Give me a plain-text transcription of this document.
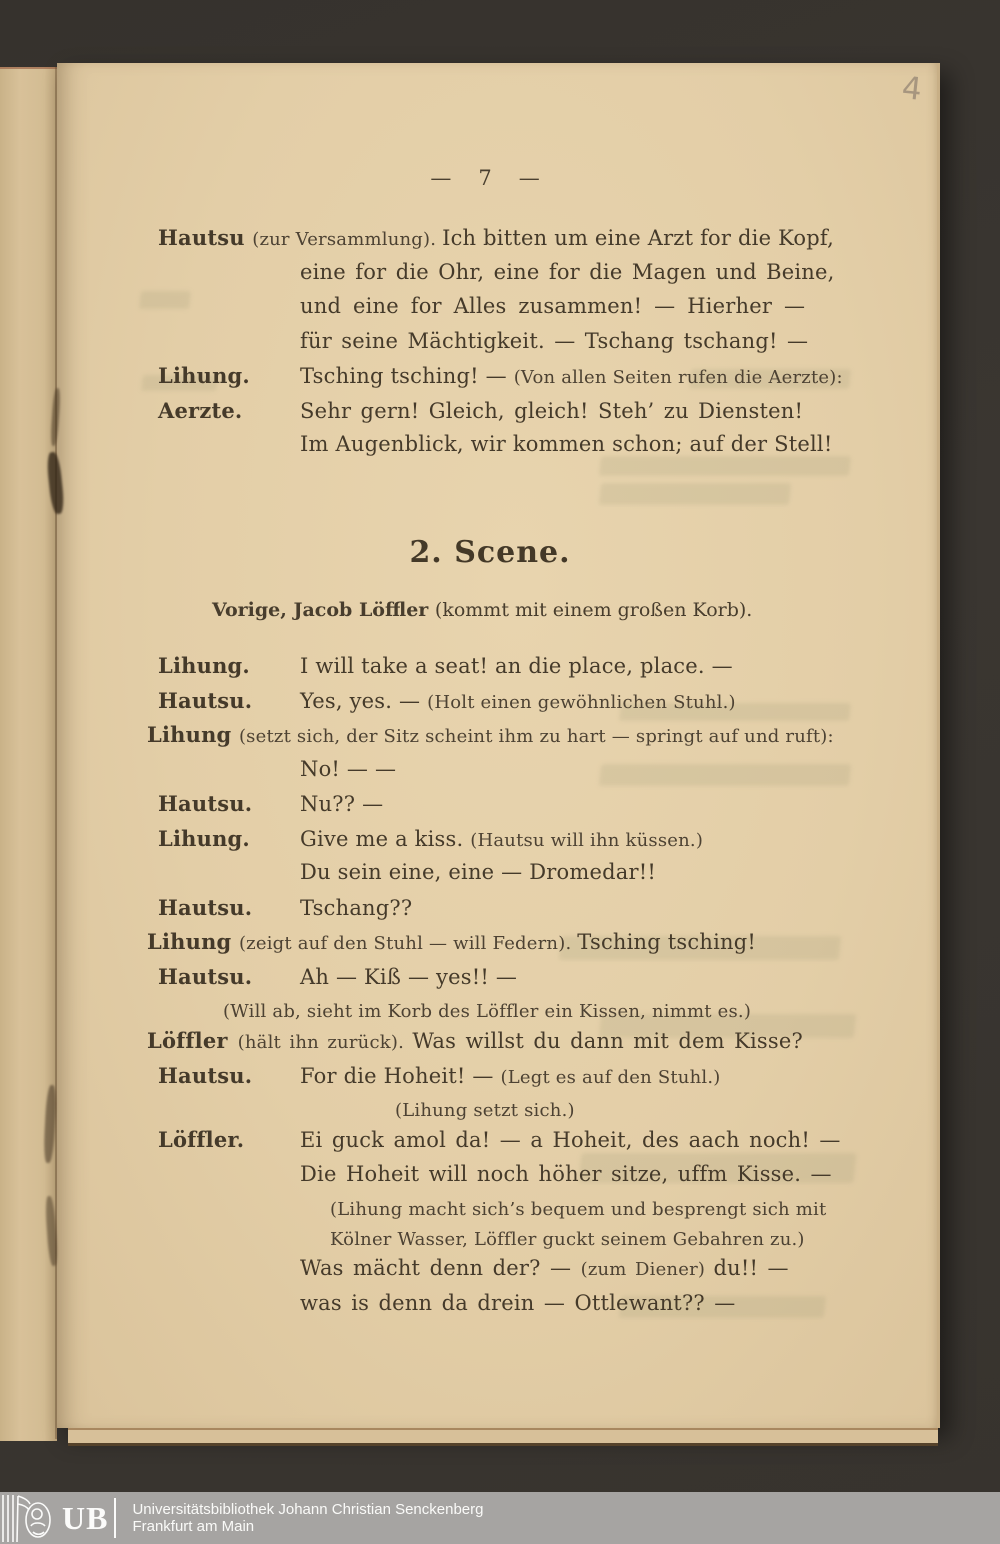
4
— 7 —
Hautsu (zur Versammlung). Ich bitten um eine Arzt for die Kopf,
eine for die Ohr, eine for die Magen und Beine,
und eine for Alles zusammen! — Hierher —
für seine Mächtigkeit. — Tschang tschang! —
Lihung. Tsching tsching! — (Von allen Seiten rufen die Aerzte):
Aerzte.	Sehr gern! Gleich, gleich! Steh’ zu Diensten!
Im Augenblick, wir kommen schon; auf der Stell!
2. Scene.
Vorige, Jacob Löffler (kommt mit einem großen Korb).
Lihung. I will take a seat! an die place, place. —
Hautsu. Yes, yes. — (Holt einen gewöhnlichen Stuhl.)
Lihung (setzt sich, der Sitz scheint ihm zu hart — springt auf und ruft):
No! — —
Hautsu. Nu?? —
Lihung. Give me a kiss. (Hautsu will ihn küssen.)
Du sein eine, eine — Dromedar!!
Hautsu. Tschang??
Lihung (zeigt auf den Stuhl — will Federn). Tsching tsching!
Hautsu. Ah — Kiß — yes!! —
(Will ab, sieht im Korb des Löffler ein Kissen, nimmt es.)
Löffler (hält ihn zurück). Was willst du dann mit dem Kisse?
Hautsu. For die Hoheit! — (Legt es auf den Stuhl.)
(Lihung setzt sich.)
Löffler.	Ei guck amol da! — a Hoheit, des aach noch! —
Die Hoheit will noch höher sitze, uffm Kisse. —
(Lihung macht sich’s bequem und besprengt sich mit
Kölner Wasser, Löffler guckt seinem Gebahren zu.)
Was mächt denn der? — (zum Diener) du!! —
was is denn da drein — Ottlewant?? —
UB Universitätsbibliothek Johann Christian Senckenberg
Frankfurt am Main
